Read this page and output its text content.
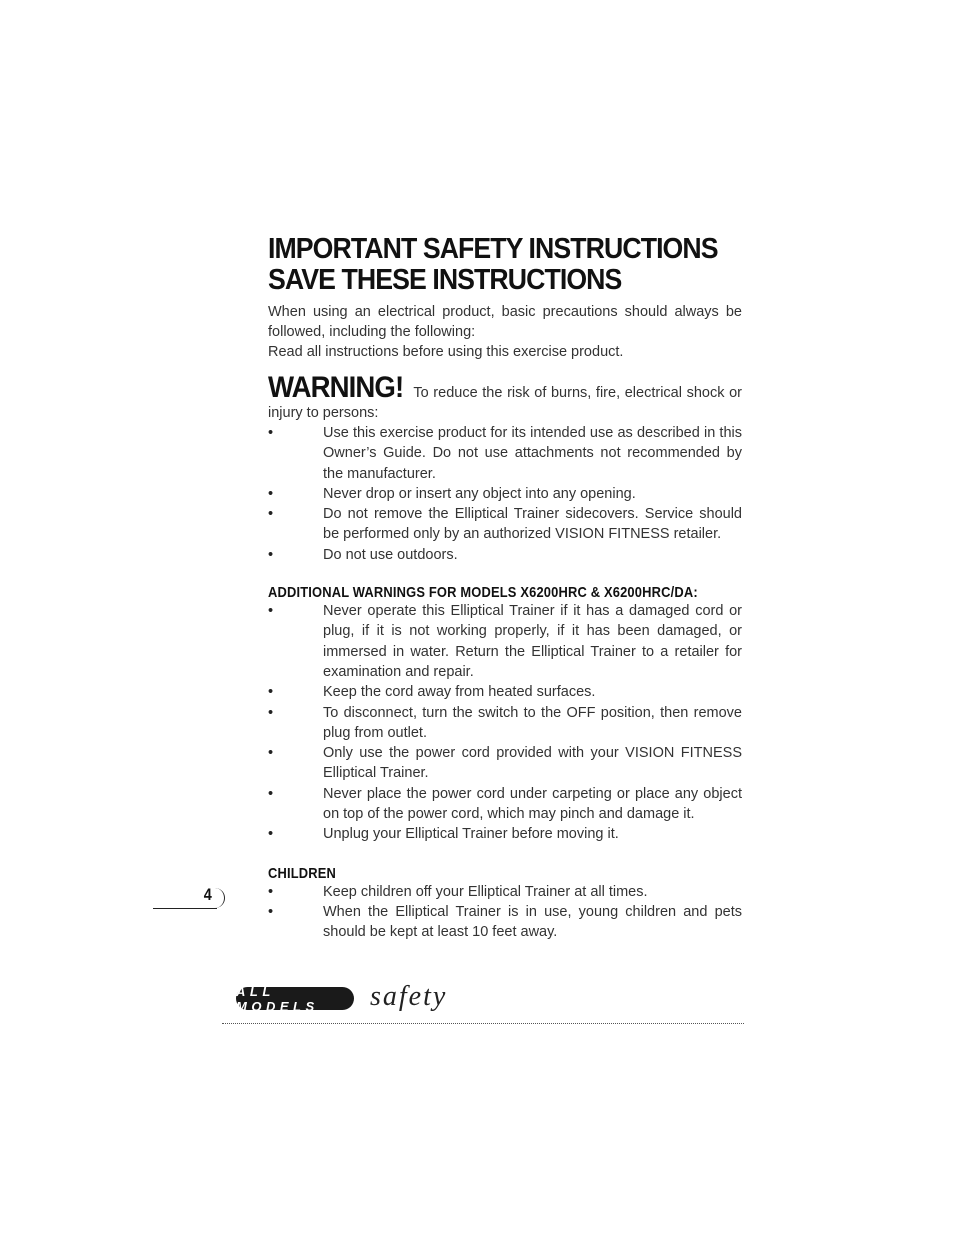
IMPORTANT SAFETY INSTRUCTIONS
SAVE THESE INSTRUCTIONS

When using an electrical product, basic precautions should always be followed, including the following:

Read all instructions before using this exercise product.

WARNING! To reduce the risk of burns, fire, electrical shock or injury to persons:
•	Use this exercise product for its intended use as described in this Owner’s Guide. Do not use attachments not recommended by the manufacturer.
•	Never drop or insert any object into any opening.
•	Do not remove the Elliptical Trainer sidecovers. Service should be performed only by an authorized VISION FITNESS retailer.
•	Do not use outdoors.
ADDITIONAL WARNINGS FOR MODELS X6200HRC & X6200HRC/DA:
•	Never operate this Elliptical Trainer if it has a damaged cord or plug, if it is not working properly, if it has been damaged, or immersed in water. Return the Elliptical Trainer to a retailer for examination and repair.
•	Keep the cord away from heated surfaces.
•	To disconnect, turn the switch to the OFF position, then remove plug from outlet.
•	Only use the power cord provided with your VISION FITNESS Elliptical Trainer.
•	Never place the power cord under carpeting or place any object on top of the power cord, which may pinch and damage it.
•	Unplug your Elliptical Trainer before moving it.
CHILDREN
•	Keep children off your Elliptical Trainer at all times.
•	When the Elliptical Trainer is in use, young children and pets should be kept at least 10 feet away.
4
ALL MODELS	safety
